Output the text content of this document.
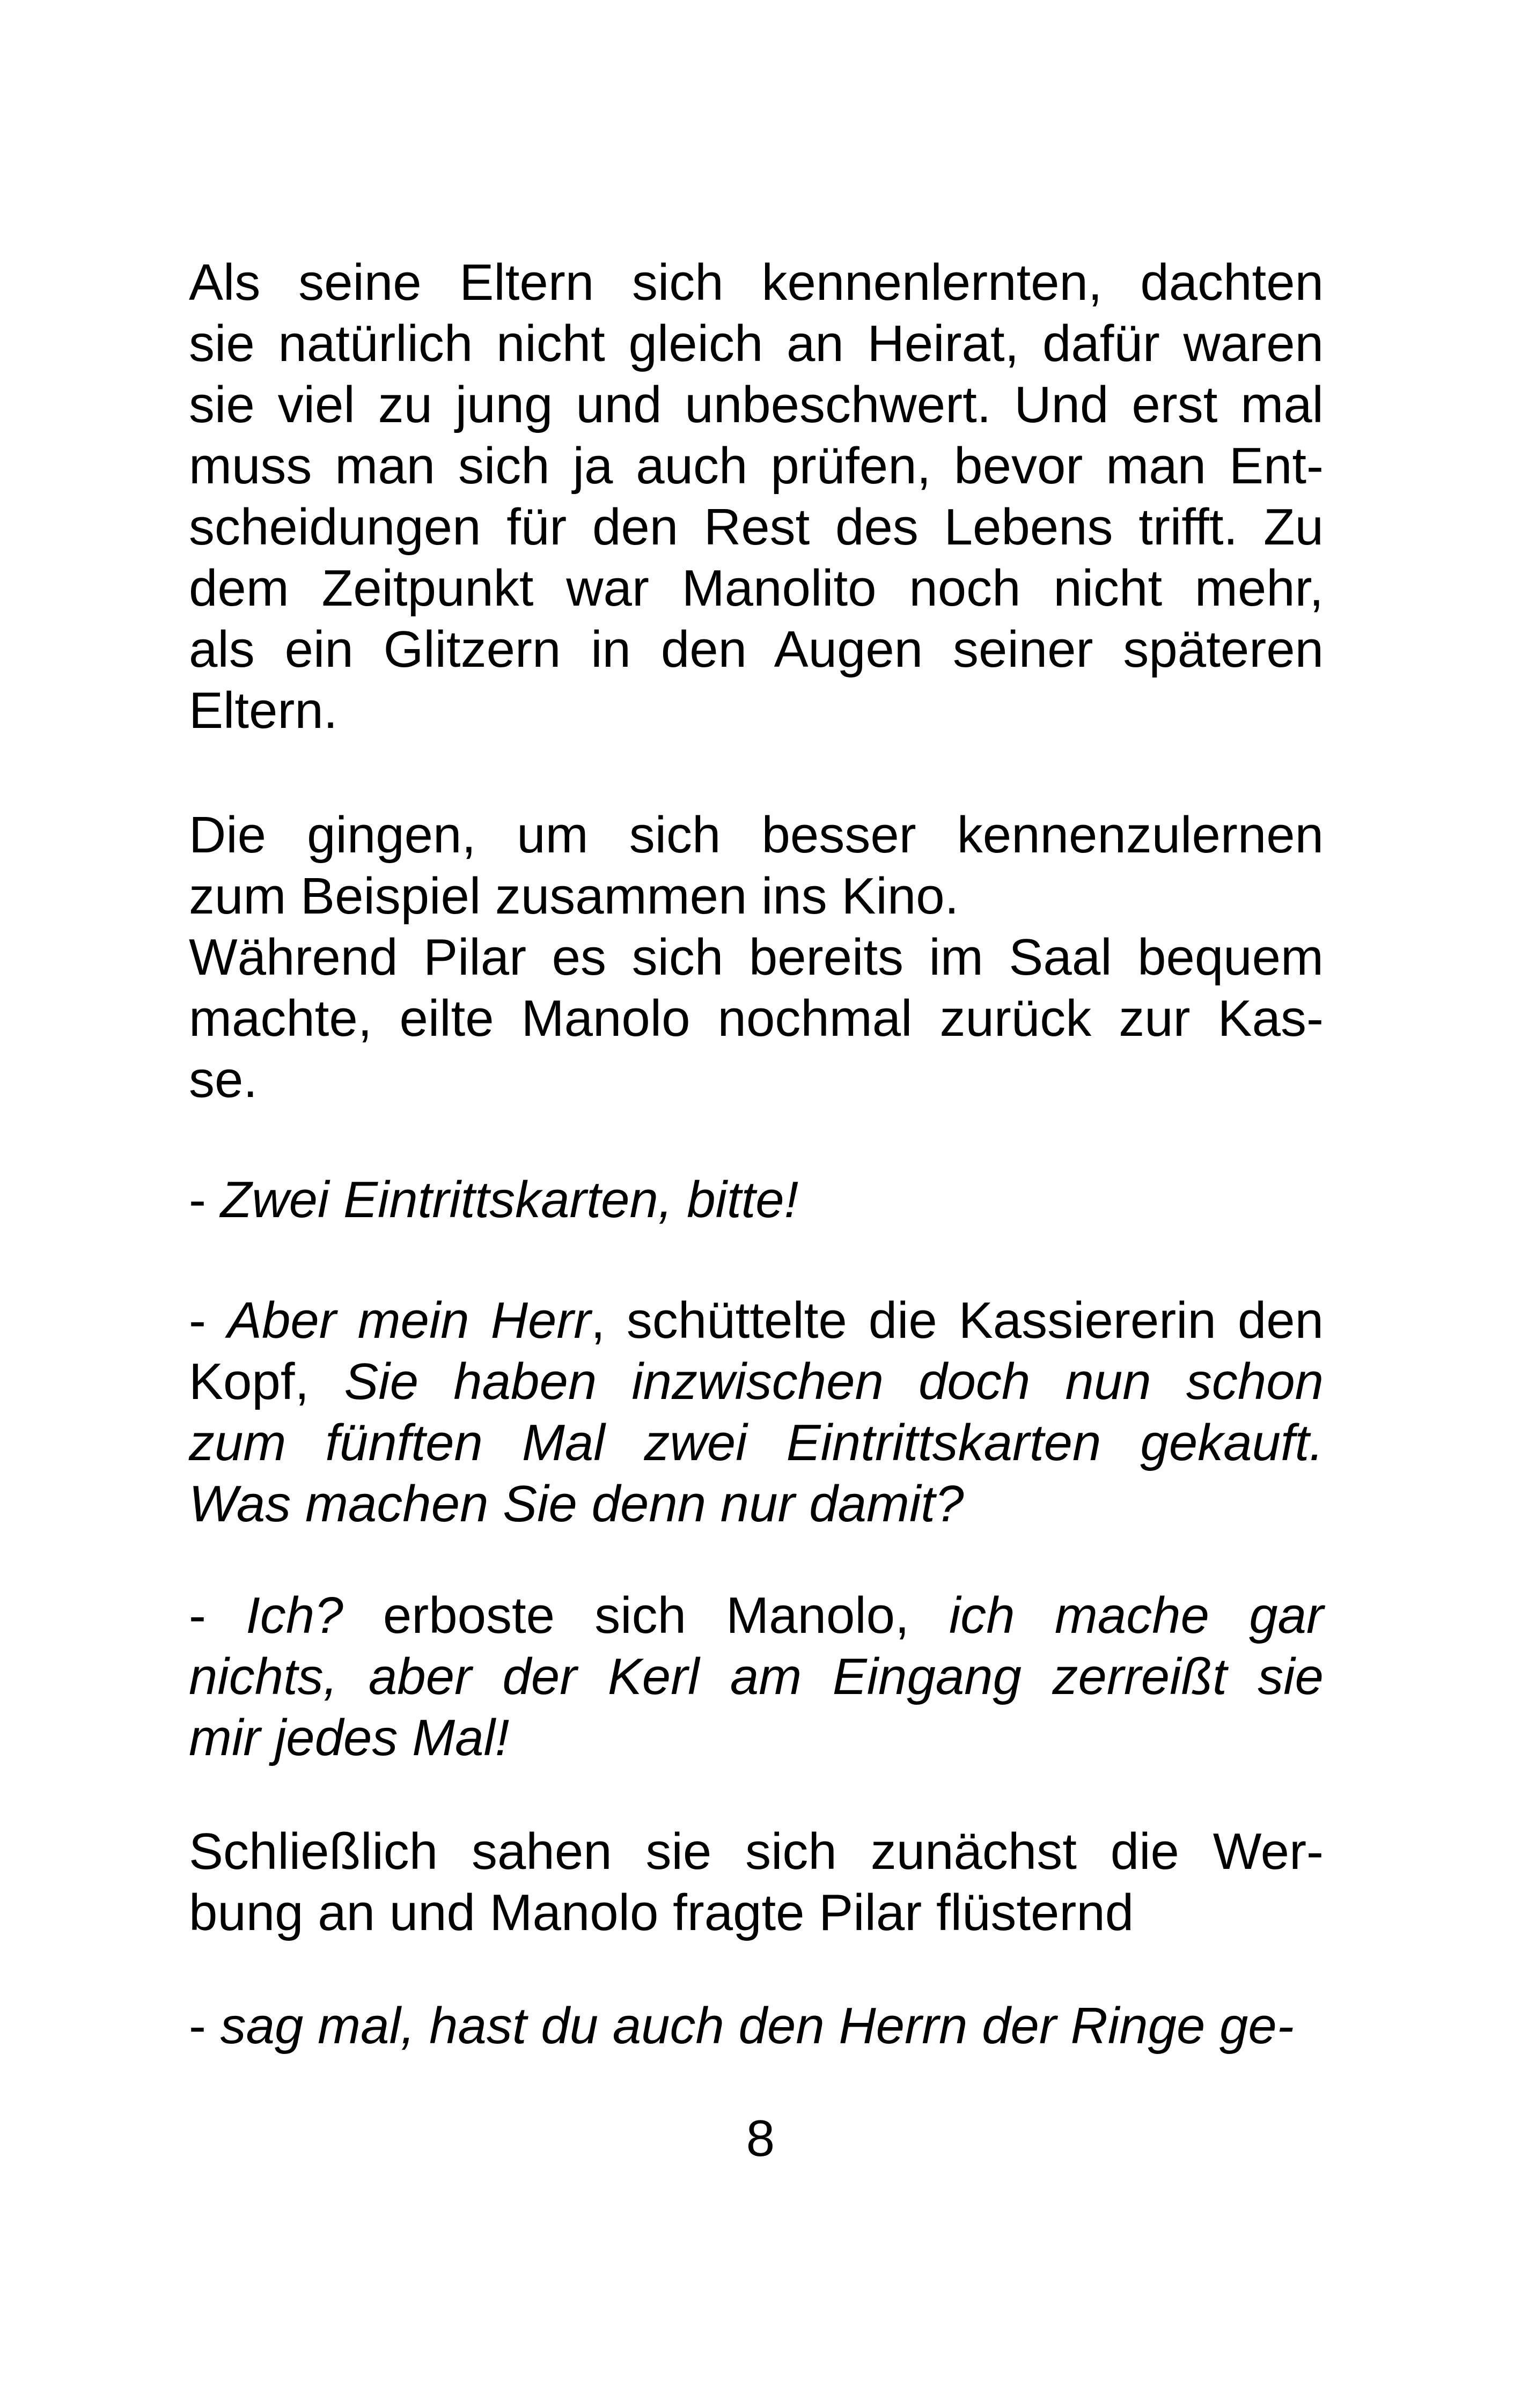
Als seine Eltern sich kennenlernten, dachten
sie natürlich nicht gleich an Heirat, dafür waren
sie viel zu jung und unbeschwert. Und erst mal
muss man sich ja auch prüfen, bevor man Ent-
scheidungen für den Rest des Lebens trifft. Zu
dem Zeitpunkt war Manolito noch nicht mehr,
als ein Glitzern in den Augen seiner späteren
Eltern.
Die gingen, um sich besser kennenzulernen
zum Beispiel zusammen ins Kino.
Während Pilar es sich bereits im Saal bequem
machte, eilte Manolo nochmal zurück zur Kas-
se.
- Zwei Eintrittskarten, bitte!
- Aber mein Herr, schüttelte die Kassiererin den
Kopf, Sie haben inzwischen doch nun schon
zum fünften Mal zwei Eintrittskarten gekauft.
Was machen Sie denn nur damit?
- Ich? erboste sich Manolo, ich mache gar
nichts, aber der Kerl am Eingang zerreißt sie
mir jedes Mal!
Schließlich sahen sie sich zunächst die Wer-
bung an und Manolo fragte Pilar flüsternd
- sag mal, hast du auch den Herrn der Ringe ge-
8
